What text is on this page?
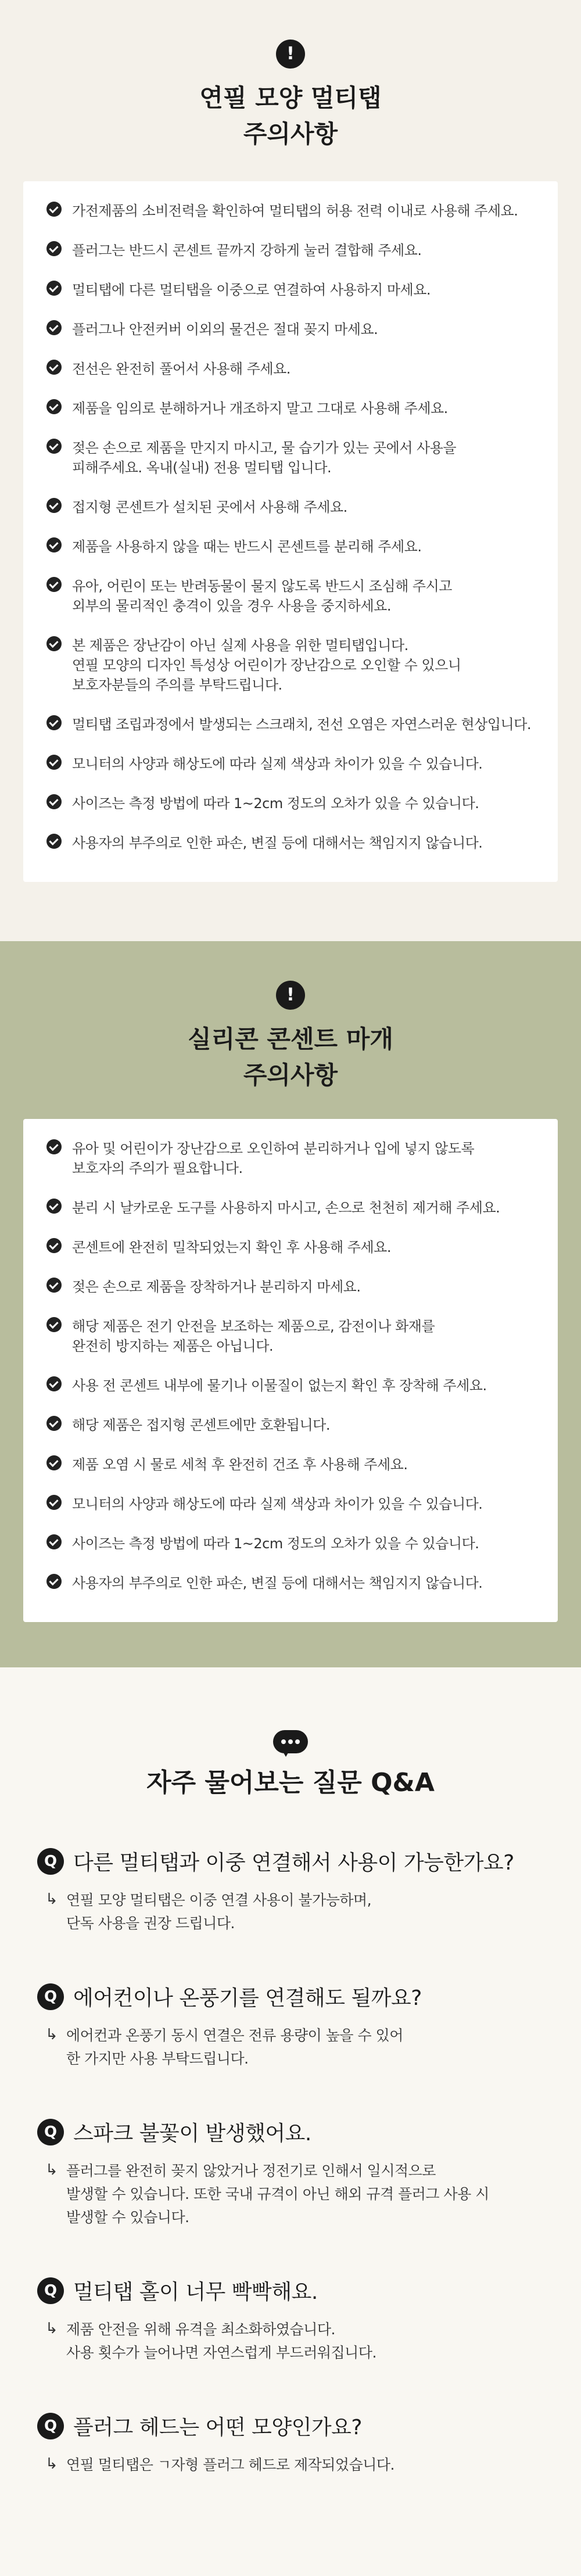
!
연필 모양 멀티탭
주의사항
가전제품의 소비전력을 확인하여 멀티탭의 허용 전력 이내로 사용해 주세요.
플러그는 반드시 콘센트 끝까지 강하게 눌러 결합해 주세요.
멀티탭에 다른 멀티탭을 이중으로 연결하여 사용하지 마세요.
플러그나 안전커버 이외의 물건은 절대 꽂지 마세요.
전선은 완전히 풀어서 사용해 주세요.
제품을 임의로 분해하거나 개조하지 말고 그대로 사용해 주세요.
젖은 손으로 제품을 만지지 마시고, 물 습기가 있는 곳에서 사용을
피해주세요. 옥내(실내) 전용 멀티탭 입니다.
접지형 콘센트가 설치된 곳에서 사용해 주세요.
제품을 사용하지 않을 때는 반드시 콘센트를 분리해 주세요.
유아, 어린이 또는 반려동물이 물지 않도록 반드시 조심해 주시고
외부의 물리적인 충격이 있을 경우 사용을 중지하세요.
본 제품은 장난감이 아닌 실제 사용을 위한 멀티탭입니다.
연필 모양의 디자인 특성상 어린이가 장난감으로 오인할 수 있으니
보호자분들의 주의를 부탁드립니다.
멀티탭 조립과정에서 발생되는 스크래치, 전선 오염은 자연스러운 현상입니다.
모니터의 사양과 해상도에 따라 실제 색상과 차이가 있을 수 있습니다.
사이즈는 측정 방법에 따라 1~2cm 정도의 오차가 있을 수 있습니다.
사용자의 부주의로 인한 파손, 변질 등에 대해서는 책임지지 않습니다.
!
실리콘 콘센트 마개
주의사항
유아 및 어린이가 장난감으로 오인하여 분리하거나 입에 넣지 않도록
보호자의 주의가 필요합니다.
분리 시 날카로운 도구를 사용하지 마시고, 손으로 천천히 제거해 주세요.
콘센트에 완전히 밀착되었는지 확인 후 사용해 주세요.
젖은 손으로 제품을 장착하거나 분리하지 마세요.
해당 제품은 전기 안전을 보조하는 제품으로, 감전이나 화재를
완전히 방지하는 제품은 아닙니다.
사용 전 콘센트 내부에 물기나 이물질이 없는지 확인 후 장착해 주세요.
해당 제품은 접지형 콘센트에만 호환됩니다.
제품 오염 시 물로 세척 후 완전히 건조 후 사용해 주세요.
모니터의 사양과 해상도에 따라 실제 색상과 차이가 있을 수 있습니다.
사이즈는 측정 방법에 따라 1~2cm 정도의 오차가 있을 수 있습니다.
사용자의 부주의로 인한 파손, 변질 등에 대해서는 책임지지 않습니다.
자주 물어보는 질문 Q&A
Q 다른 멀티탭과 이중 연결해서 사용이 가능한가요?
↳ 연필 모양 멀티탭은 이중 연결 사용이 불가능하며,
단독 사용을 권장 드립니다.
Q 에어컨이나 온풍기를 연결해도 될까요?
↳ 에어컨과 온풍기 동시 연결은 전류 용량이 높을 수 있어
한 가지만 사용 부탁드립니다.
Q 스파크 불꽃이 발생했어요.
↳ 플러그를 완전히 꽂지 않았거나 정전기로 인해서 일시적으로
발생할 수 있습니다. 또한 국내 규격이 아닌 해외 규격 플러그 사용 시
발생할 수 있습니다.
Q 멀티탭 홀이 너무 빡빡해요.
↳ 제품 안전을 위해 유격을 최소화하였습니다.
사용 횟수가 늘어나면 자연스럽게 부드러워집니다.
Q 플러그 헤드는 어떤 모양인가요?
↳ 연필 멀티탭은 ㄱ자형 플러그 헤드로 제작되었습니다.
